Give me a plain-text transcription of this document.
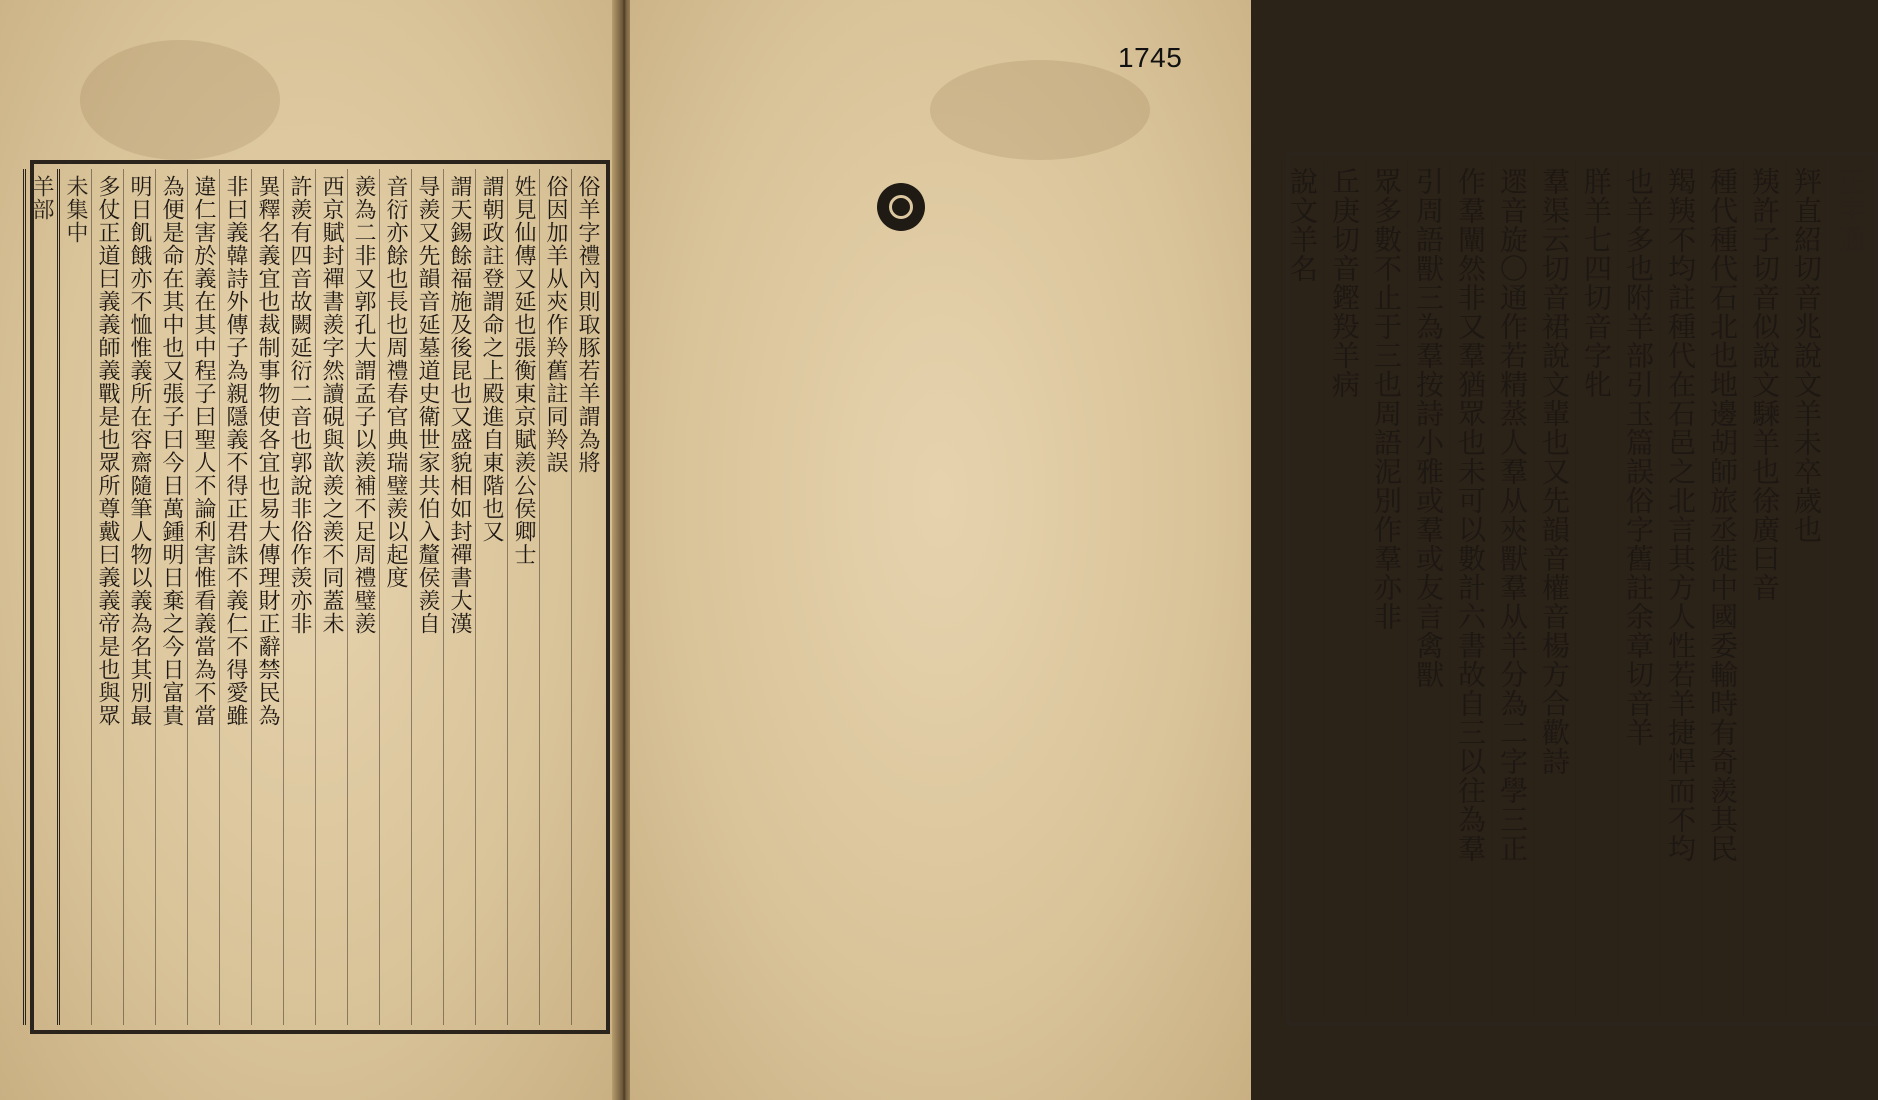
俗羊字禮內則取豚若羊謂為將
俗因加羊从㚒作羚舊註同羚誤
姓見仙傳又延也張衡東京賦羨公侯卿士
謂朝政註登謂命之上殿進自東階也又
謂天錫餘福施及後昆也又盛貌相如封禪書大漢
㝵羨又先韻音延墓道史衛世家共伯入釐侯羨自
音衍亦餘也長也周禮春官典瑞璧羨以起度
羨為二非又郭孔大謂孟子以羨補不足周禮璧羨
西京賦封禪書羨字然讀硯與歆羨之羨不同蓋未
許羨有四音故闕延衍二音也郭說非俗作羡亦非
異釋名義宜也裁制事物使各宜也易大傳理財正辭禁民為
非曰義韓詩外傳子為親隱義不得正君誅不義仁不得愛雖
違仁害於義在其中程子曰聖人不論利害惟看義當為不當
為便是命在其中也又張子曰今日萬鍾明日棄之今日富貴
明日飢餓亦不恤惟義所在容齋隨筆人物以義為名其別最
多仗正道曰義義師義戰是也眾所尊戴曰義義帝是也與眾
未集中
羊部	正字通
䍬直紹切音兆說文羊未卒歲也
羠許子切音似說文騬羊也徐廣曰音
種代種代石北也地邊胡師旅丞徙中國委輸時有奇羨其民
羯羠不均註種代在石邑之北言其方人性若羊捷悍而不均
也羊多也附羊部引玉篇誤俗字舊註余章切音羊
羘羊七四切音字牝
羣渠云切音裙說文輩也又先韻音權音楊方合歡詩
遝音旋〇通作若精蒸人羣从㚒獸羣从羊分為二字學三正
作羣闡然非又羣猶眾也未可以數計六書故自三以往為羣
引周語獸三為羣按詩小雅或羣或友言禽獸
眾多數不止于三也周語泥別作羣亦非
丘庚切音鏗羖羊病
說文羊名
1745
